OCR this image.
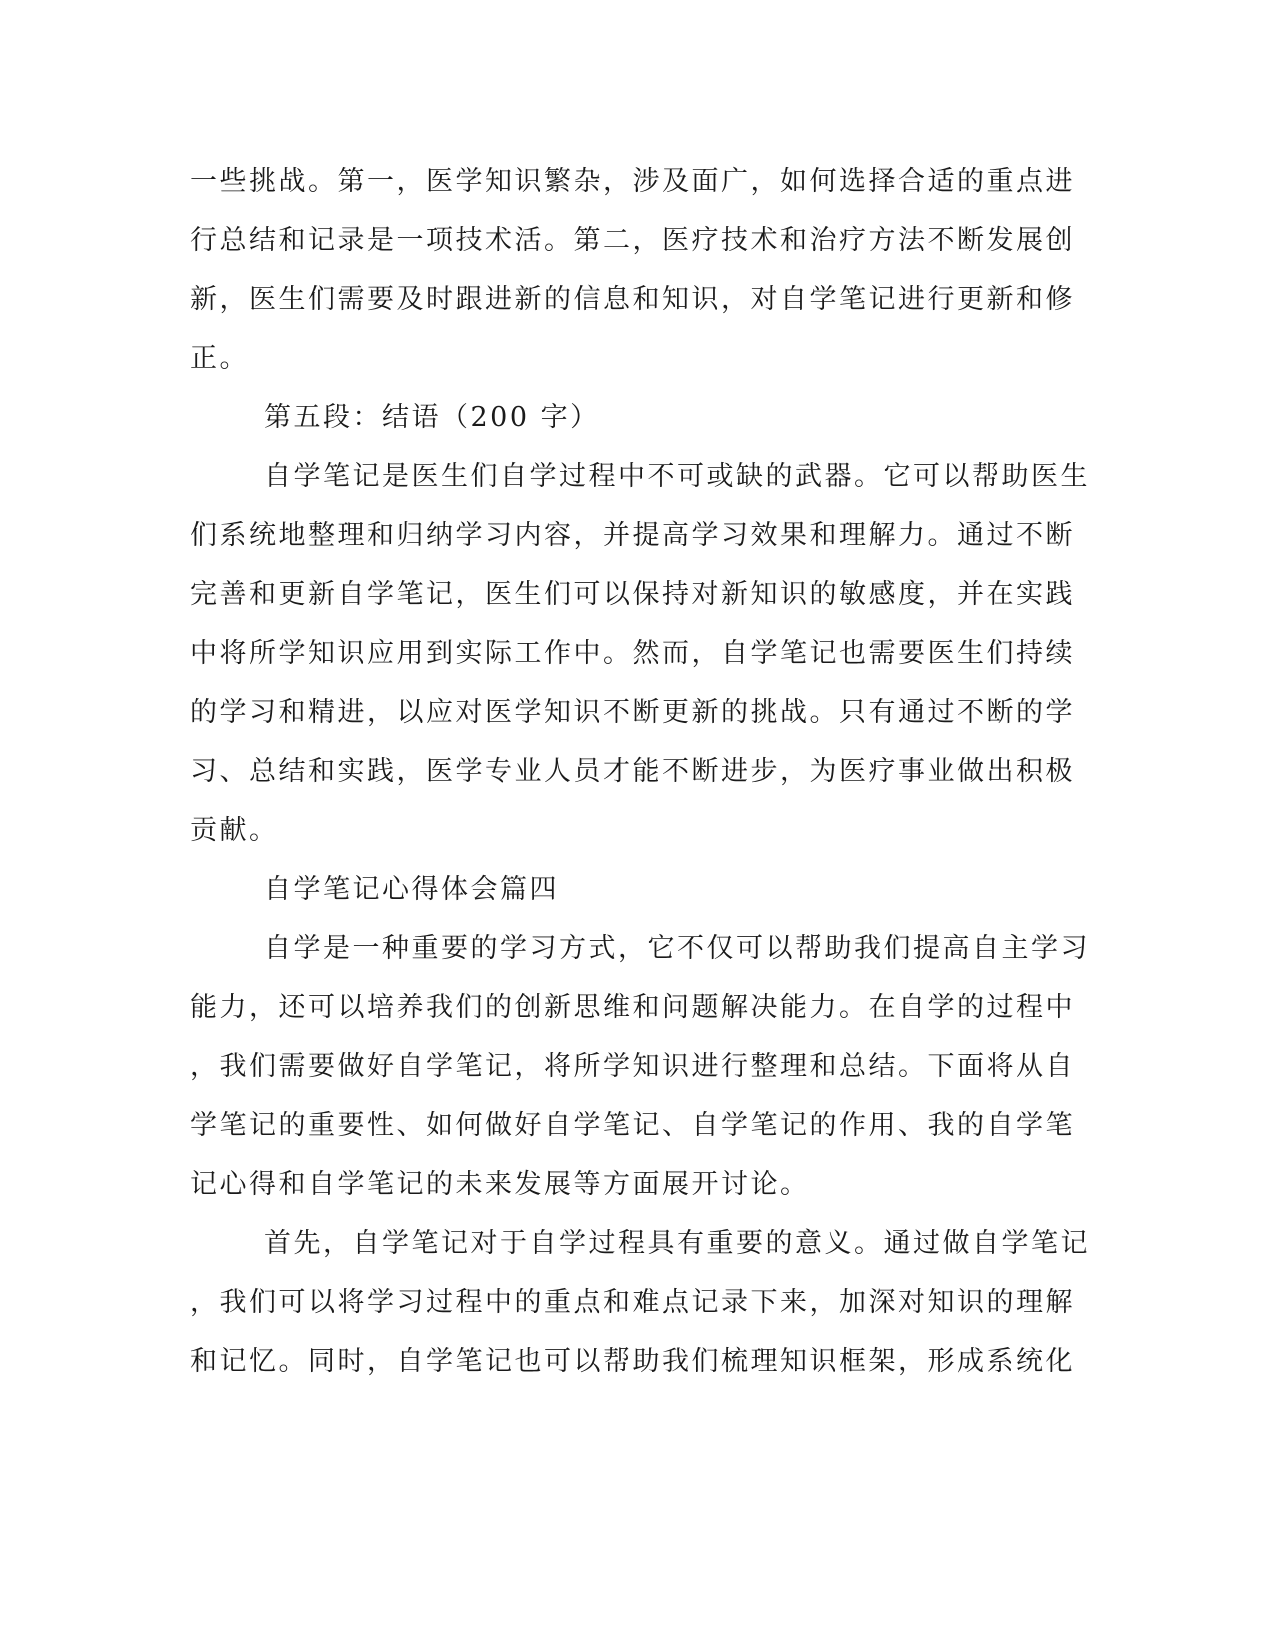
一些挑战。第一，医学知识繁杂，涉及面广，如何选择合适的重点进
行总结和记录是一项技术活。第二，医疗技术和治疗方法不断发展创
新，医生们需要及时跟进新的信息和知识，对自学笔记进行更新和修
正。
第五段：结语（200 字）
自学笔记是医生们自学过程中不可或缺的武器。它可以帮助医生
们系统地整理和归纳学习内容，并提高学习效果和理解力。通过不断
完善和更新自学笔记，医生们可以保持对新知识的敏感度，并在实践
中将所学知识应用到实际工作中。然而，自学笔记也需要医生们持续
的学习和精进，以应对医学知识不断更新的挑战。只有通过不断的学
习、总结和实践，医学专业人员才能不断进步，为医疗事业做出积极
贡献。
自学笔记心得体会篇四
自学是一种重要的学习方式，它不仅可以帮助我们提高自主学习
能力，还可以培养我们的创新思维和问题解决能力。在自学的过程中
，我们需要做好自学笔记，将所学知识进行整理和总结。下面将从自
学笔记的重要性、如何做好自学笔记、自学笔记的作用、我的自学笔
记心得和自学笔记的未来发展等方面展开讨论。
首先，自学笔记对于自学过程具有重要的意义。通过做自学笔记
，我们可以将学习过程中的重点和难点记录下来，加深对知识的理解
和记忆。同时，自学笔记也可以帮助我们梳理知识框架，形成系统化
